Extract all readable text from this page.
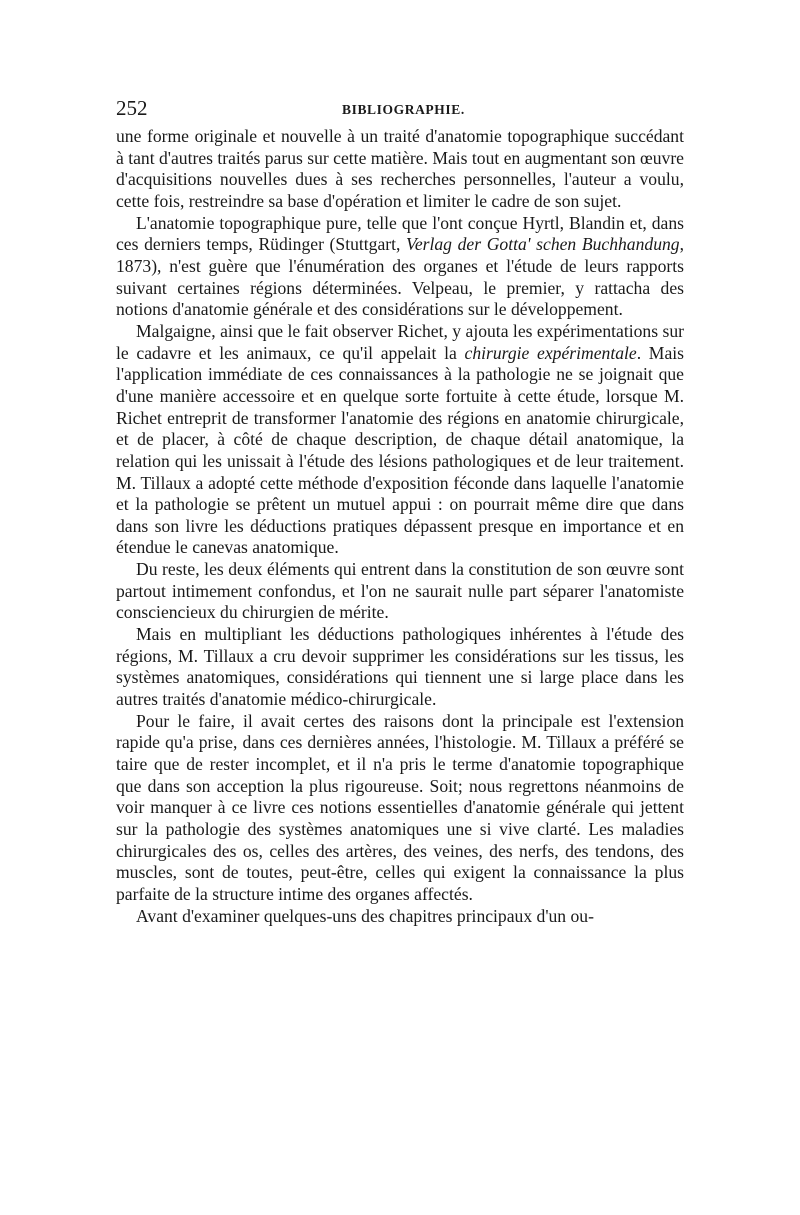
252	BIBLIOGRAPHIE.

une forme originale et nouvelle à un traité d'anatomie topographique succédant à tant d'autres traités parus sur cette matière. Mais tout en augmentant son œuvre d'acquisitions nouvelles dues à ses recherches personnelles, l'auteur a voulu, cette fois, restreindre sa base d'opération et limiter le cadre de son sujet.

L'anatomie topographique pure, telle que l'ont conçue Hyrtl, Blandin et, dans ces derniers temps, Rüdinger (Stuttgart, Verlag der Gotta' schen Buchhandung, 1873), n'est guère que l'énumération des organes et l'étude de leurs rapports suivant certaines régions déterminées. Velpeau, le premier, y rattacha des notions d'anatomie générale et des considérations sur le développement.

Malgaigne, ainsi que le fait observer Richet, y ajouta les expérimentations sur le cadavre et les animaux, ce qu'il appelait la chirurgie expérimentale. Mais l'application immédiate de ces connaissances à la pathologie ne se joignait que d'une manière accessoire et en quelque sorte fortuite à cette étude, lorsque M. Richet entreprit de transformer l'anatomie des régions en anatomie chirurgicale, et de placer, à côté de chaque description, de chaque détail anatomique, la relation qui les unissait à l'étude des lésions pathologiques et de leur traitement. M. Tillaux a adopté cette méthode d'exposition féconde dans laquelle l'anatomie et la pathologie se prêtent un mutuel appui : on pourrait même dire que dans dans son livre les déductions pratiques dépassent presque en importance et en étendue le canevas anatomique.

Du reste, les deux éléments qui entrent dans la constitution de son œuvre sont partout intimement confondus, et l'on ne saurait nulle part séparer l'anatomiste consciencieux du chirurgien de mérite.

Mais en multipliant les déductions pathologiques inhérentes à l'étude des régions, M. Tillaux a cru devoir supprimer les considérations sur les tissus, les systèmes anatomiques, considérations qui tiennent une si large place dans les autres traités d'anatomie médico-chirurgicale.

Pour le faire, il avait certes des raisons dont la principale est l'extension rapide qu'a prise, dans ces dernières années, l'histologie. M. Tillaux a préféré se taire que de rester incomplet, et il n'a pris le terme d'anatomie topographique que dans son acception la plus rigoureuse. Soit; nous regrettons néanmoins de voir manquer à ce livre ces notions essentielles d'anatomie générale qui jettent sur la pathologie des systèmes anatomiques une si vive clarté. Les maladies chirurgicales des os, celles des artères, des veines, des nerfs, des tendons, des muscles, sont de toutes, peut-être, celles qui exigent la connaissance la plus parfaite de la structure intime des organes affectés.

Avant d'examiner quelques-uns des chapitres principaux d'un ou-
